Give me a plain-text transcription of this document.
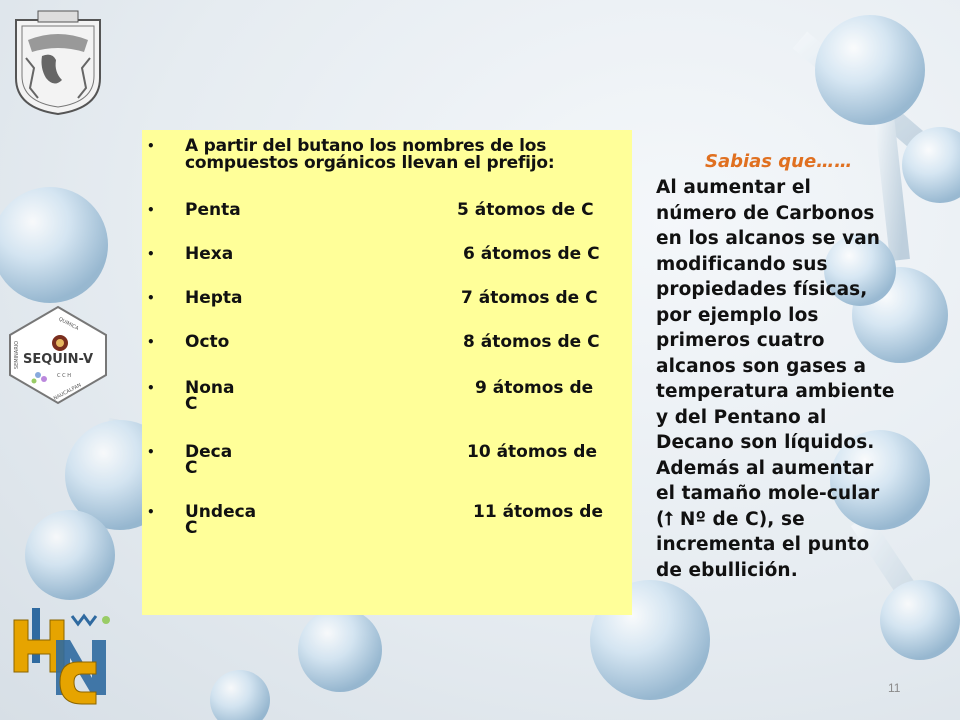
SEQUIN-V
QUIMICA
SEMINARIO
C C H
NAUCALPAN
• A partir del butano los nombres de los compuestos orgánicos llevan el prefijo:
• Penta	5 átomos de C
• Hexa	6 átomos de C
• Hepta	7 átomos de C
• Octo	8 átomos de C
• Nona	9 átomos de
C
• Deca	10 átomos de
C
• Undeca	11 átomos de
C
Sabias que……
Al aumentar el
número de Carbonos
en los alcanos se van
modificando sus
propiedades físicas,
por ejemplo los
primeros cuatro
alcanos son gases a
temperatura ambiente
y del Pentano al
Decano son líquidos.
Además al aumentar
el tamaño mole-cular
(⭡ Nº de C), se
incrementa el punto
de ebullición.
11
